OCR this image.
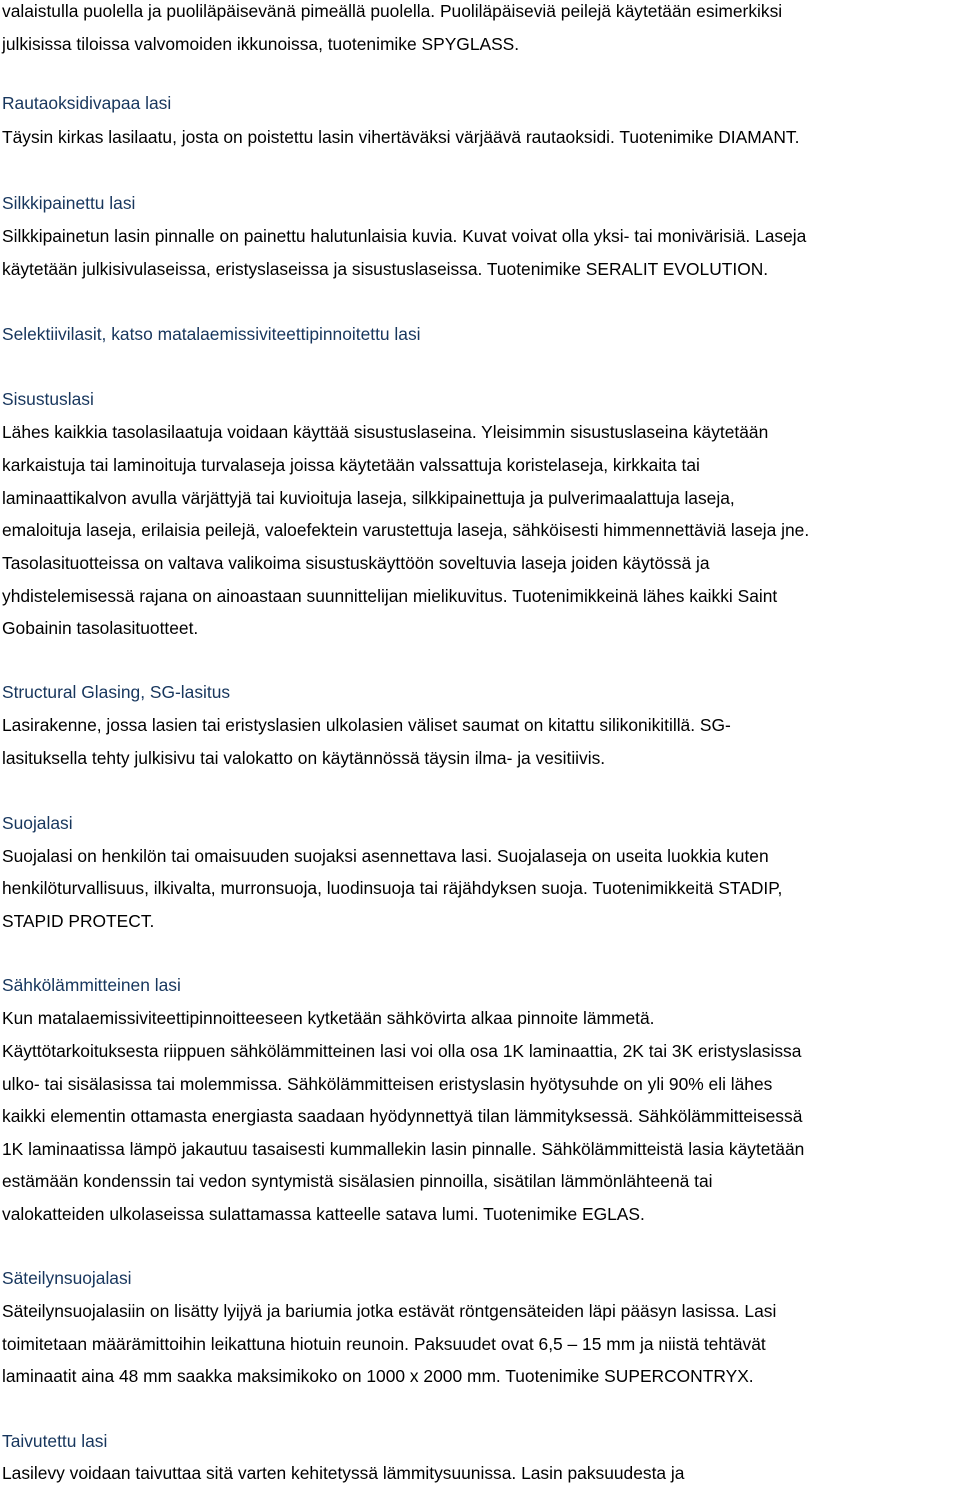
valaistulla puolella ja puoliläpäisevänä pimeällä puolella. Puoliläpäiseviä peilejä käytetään esimerkiksi

julkisissa tiloissa valvomoiden ikkunoissa, tuotenimike SPYGLASS.

Rautaoksidivapaa lasi

Täysin kirkas lasilaatu, josta on poistettu lasin vihertäväksi värjäävä rautaoksidi. Tuotenimike DIAMANT.

Silkkipainettu lasi

Silkkipainetun lasin pinnalle on painettu halutunlaisia kuvia. Kuvat voivat olla yksi- tai monivärisiä. Laseja

käytetään julkisivulaseissa, eristyslaseissa ja sisustuslaseissa. Tuotenimike SERALIT EVOLUTION.

Selektiivilasit, katso matalaemissiviteettipinnoitettu lasi
Sisustuslasi

Lähes kaikkia tasolasilaatuja voidaan käyttää sisustuslaseina. Yleisimmin sisustuslaseina käytetään

karkaistuja tai laminoituja turvalaseja joissa käytetään valssattuja koristelaseja, kirkkaita tai

laminaattikalvon avulla värjättyjä tai kuvioituja laseja, silkkipainettuja ja pulverimaalattuja laseja,

emaloituja laseja, erilaisia peilejä, valoefektein varustettuja laseja, sähköisesti himmennettäviä laseja jne.

Tasolasituotteissa on valtava valikoima sisustuskäyttöön soveltuvia laseja joiden käytössä ja

yhdistelemisessä rajana on ainoastaan suunnittelijan mielikuvitus. Tuotenimikkeinä lähes kaikki Saint

Gobainin tasolasituotteet.

Structural Glasing, SG-lasitus

Lasirakenne, jossa lasien tai eristyslasien ulkolasien väliset saumat on kitattu silikonikitillä. SG-

lasituksella tehty julkisivu tai valokatto on käytännössä täysin ilma- ja vesitiivis.

Suojalasi

Suojalasi on henkilön tai omaisuuden suojaksi asennettava lasi. Suojalaseja on useita luokkia kuten

henkilöturvallisuus, ilkivalta, murronsuoja, luodinsuoja tai räjähdyksen suoja. Tuotenimikkeitä STADIP,

STAPID PROTECT.

Sähkölämmitteinen lasi

Kun matalaemissiviteettipinnoitteeseen kytketään sähkövirta alkaa pinnoite lämmetä.

Käyttötarkoituksesta riippuen sähkölämmitteinen lasi voi olla osa 1K laminaattia, 2K tai 3K eristyslasissa

ulko- tai sisälasissa tai molemmissa. Sähkölämmitteisen eristyslasin hyötysuhde on yli 90% eli lähes

kaikki elementin ottamasta energiasta saadaan hyödynnettyä tilan lämmityksessä. Sähkölämmitteisessä

1K laminaatissa lämpö jakautuu tasaisesti kummallekin lasin pinnalle. Sähkölämmitteistä lasia käytetään

estämään kondenssin tai vedon syntymistä sisälasien pinnoilla, sisätilan lämmönlähteenä tai

valokatteiden ulkolaseissa sulattamassa katteelle satava lumi. Tuotenimike EGLAS.

Säteilynsuojalasi

Säteilynsuojalasiin on lisätty lyijyä ja bariumia jotka estävät röntgensäteiden läpi pääsyn lasissa. Lasi

toimitetaan määrämittoihin leikattuna hiotuin reunoin. Paksuudet ovat 6,5 – 15 mm ja niistä tehtävät

laminaatit aina 48 mm saakka maksimikoko on 1000 x 2000 mm. Tuotenimike SUPERCONTRYX.

Taivutettu lasi

Lasilevy voidaan taivuttaa sitä varten kehitetyssä lämmitysuunissa. Lasin paksuudesta ja
